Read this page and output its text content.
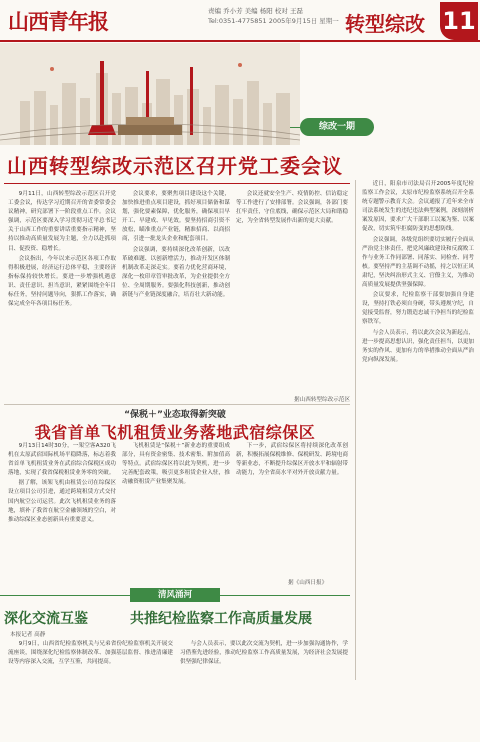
山西青年报	责编 乔小芳 美编 杨阳 校对 王磊
Tel:0351-4775851 2005年9月15日 星期一 转型综改 11
综改一期
山西转型综改示范区召开党工委会议

9月11日，山西转型综改示范区召开党工委会议，传达学习近期召开的省委常委会议精神，研究部署下一阶段重点工作。会议强调，示范区要深入学习贯彻习近平总书记关于山西工作的重要讲话重要指示精神，坚持以推动高质量发展为主题，全力以赴抓项目、促投资、稳增长。

会议指出，今年以来示范区各项工作取得积极进展，经济运行总体平稳，主要经济指标保持较快增长。要进一步增强机遇意识、责任意识、担当意识，紧紧围绕全年目标任务，坚持问题导向，狠抓工作落实，确保完成全年各项目标任务。

会议要求，要聚焦项目建设这个关键，加快推进重点项目建设，抓好项目储备和谋划，强化要素保障，优化服务，确保项目早开工、早建成、早见效。要坚持招商引资不放松，瞄准重点产业链，精准招商、以商招商，引进一批龙头企业和配套项目。

会议强调，要持续深化改革创新，以改革破难题、以创新增活力，推动开发区体制机制改革走深走实。要着力优化营商环境，深化一枚印章管审批改革，为企业提供全方位、全周期服务。要强化科技创新，推动创新链与产业链深度融合，培育壮大新动能。

会议还就安全生产、疫情防控、信访稳定等工作进行了安排部署。会议强调，各部门要扛牢责任，守住底线，确保示范区大局和谐稳定，为全省转型发展作出新的更大贡献。

据山西转型综改示范区
“保税＋”业态取得新突破
我省首单飞机租赁业务落地武宿综保区

9月13日14时30分，一架空客A320飞机在太原武宿国际机场平稳降落，标志着我省首单飞机租赁业务在武宿综合保税区成功落地，实现了我省保税租赁业务零的突破。

据了解，该架飞机由租赁公司在综保区设立项目公司引进，通过跨境租赁方式交付国内航空公司运营。此次飞机租赁业务的落地，填补了我省在航空金融领域的空白，对推动综保区业态创新具有重要意义。

飞机租赁是“保税＋”新业态的重要组成部分，具有资金密集、技术密集、附加值高等特点。武宿综保区将以此为契机，进一步完善配套政策，吸引更多租赁企业入驻，推动融资租赁产业集聚发展。

下一步，武宿综保区将持续深化改革创新，积极拓展保税维修、保税研发、跨境电商等新业态，不断提升综保区开放水平和辐射带动能力，为全省高水平对外开放贡献力量。

据《山西日报》

近日，阳泉市司法局召开2005年度纪检监察工作会议，太原市纪检监察系统召开全系统专题警示教育大会。会议通报了近年来全市司法系统发生的违纪违法典型案例，深刻剖析案发原因，要求广大干部职工以案为鉴、以案促改，切实筑牢拒腐防变的思想防线。

会议强调，各级党组织要切实履行全面从严治党主体责任，把党风廉政建设和反腐败工作与业务工作同部署、同落实、同检查、同考核。要坚持严的主基调不动摇，持之以恒正风肃纪，坚决纠治形式主义、官僚主义，为推动高质量发展提供坚强保障。

会议要求，纪检监察干部要加强自身建设，坚持打铁必须自身硬，带头遵规守纪，自觉接受监督，努力锻造忠诚干净担当的纪检监察铁军。

与会人员表示，将以此次会议为新起点，进一步提高思想认识，强化责任担当，以更加务实的作风、更加有力的举措推动全面从严治党向纵深发展。

清风涌河
深化交流互鉴	共推纪检监察工作高质量发展
本报记者 高静

9月9日，山西省纪检监察机关与兄弟省份纪检监察机关开展交流座谈，围绕深化纪检监察体制改革、加强基层监督、推进清廉建设等内容深入交流，互学互鉴，共同提高。

与会人员表示，要以此次交流为契机，进一步加强沟通协作，学习借鉴先进经验，推动纪检监察工作高质量发展，为经济社会发展提供坚强纪律保证。
